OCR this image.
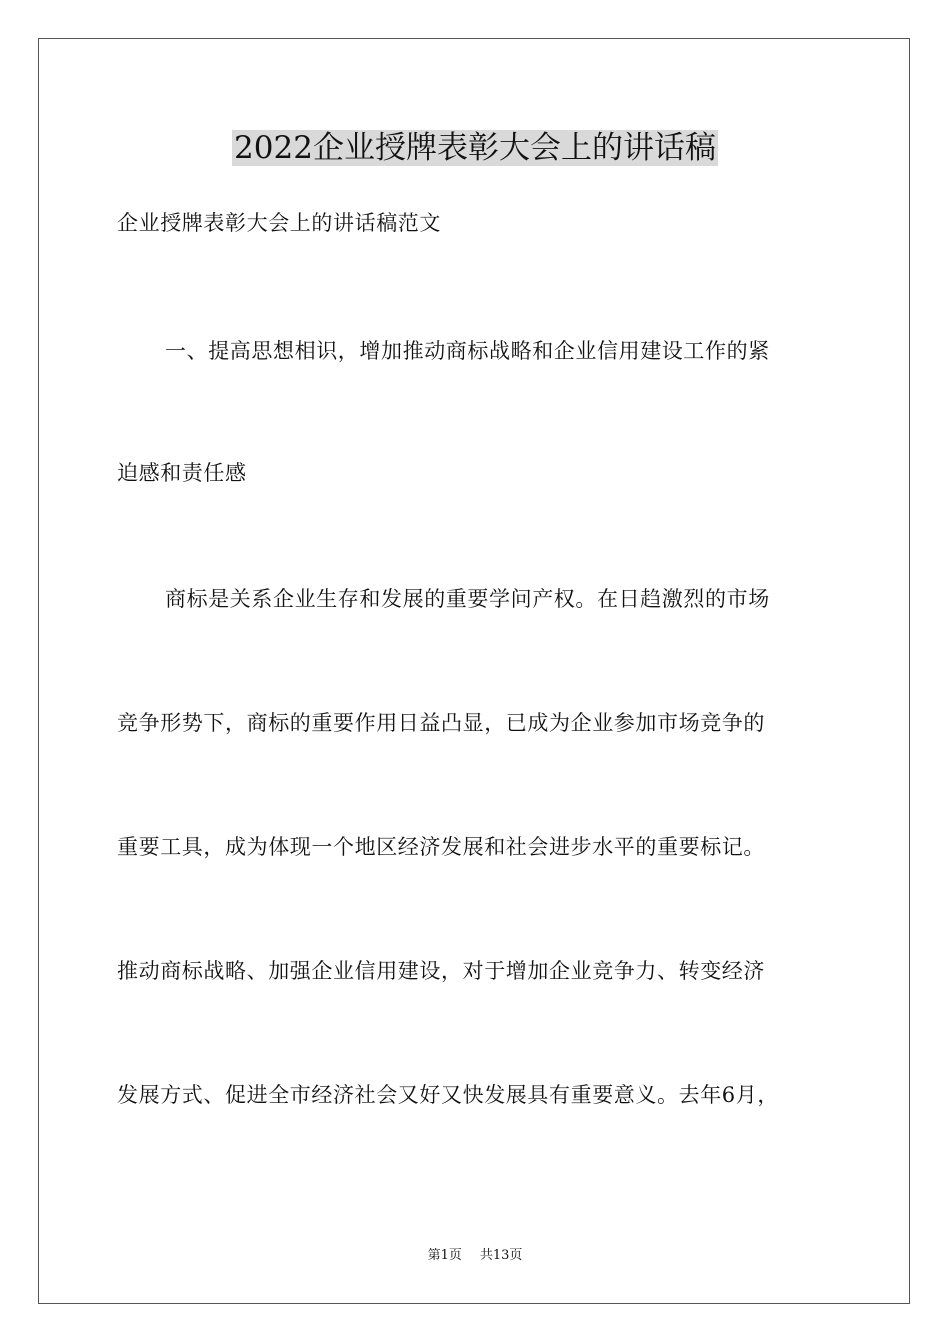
2022企业授牌表彰大会上的讲话稿
企业授牌表彰大会上的讲话稿范文
一、提高思想相识，增加推动商标战略和企业信用建设工作的紧
迫感和责任感
商标是关系企业生存和发展的重要学问产权。在日趋激烈的市场
竞争形势下，商标的重要作用日益凸显，已成为企业参加市场竞争的
重要工具，成为体现一个地区经济发展和社会进步水平的重要标记。
推动商标战略、加强企业信用建设，对于增加企业竞争力、转变经济
发展方式、促进全市经济社会又好又快发展具有重要意义。去年6月，
第1页 共13页
